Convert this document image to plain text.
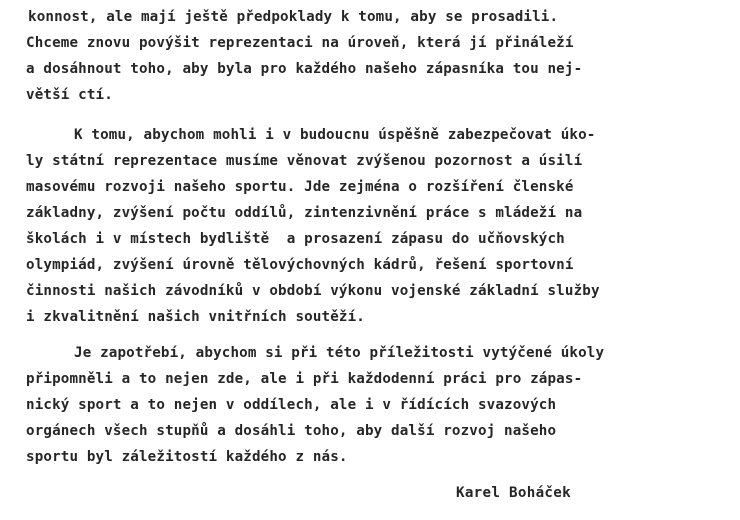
konnost, ale mají ještě předpoklady k tomu, aby se prosadili.
Chceme znovu povýšit reprezentaci na úroveň, která jí přináleží
a dosáhnout toho, aby byla pro každého našeho zápasníka tou nej-
větší ctí.
K tomu, abychom mohli i v budoucnu úspěšně zabezpečovat úko-
ly státní reprezentace musíme věnovat zvýšenou pozornost a úsilí
masovému rozvoji našeho sportu. Jde zejména o rozšíření členské
základny, zvýšení počtu oddílů, zintenzivnění práce s mládeží na
školách i v místech bydliště  a prosazení zápasu do učňovských
olympiád, zvýšení úrovně tělovýchovných kádrů, řešení sportovní
činnosti našich závodníků v období výkonu vojenské základní služby
i zkvalitnění našich vnitřních soutěží.
Je zapotřebí, abychom si při této příležitosti vytýčené úkoly
připomněli a to nejen zde, ale i při každodenní práci pro zápas-
nický sport a to nejen v oddílech, ale i v řídících svazových
orgánech všech stupňů a dosáhli toho, aby další rozvoj našeho
sportu byl záležitostí každého z nás.
Karel Boháček
